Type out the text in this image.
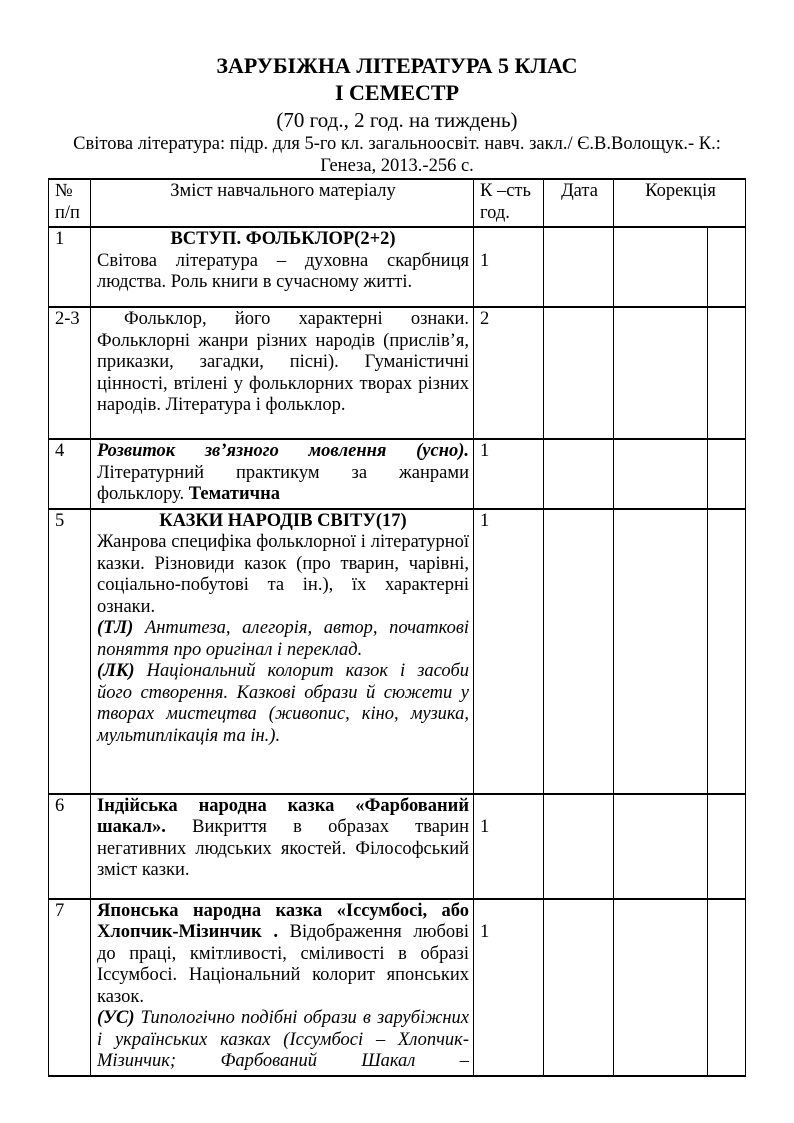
ЗАРУБІЖНА ЛІТЕРАТУРА 5 КЛАС
І СЕМЕСТР
(70 год., 2 год. на тиждень)
Світова література: підр. для 5-го кл. загальноосвіт. навч. закл./ Є.В.Волощук.- К.: Генеза, 2013.-256 с.
№
п/п
	Зміст навчального матеріалу	К –сть
год.
	Дата	Корекція
1	ВСТУП. ФОЛЬКЛОР(2+2)
Світова література – духовна скарбниця людства. Роль книги в сучасному житті.	1			

2-3	Фольклор, його характерні ознаки. Фольклорні жанри різних народів (прислів’я, приказки, загадки, пісні). Гуманістичні цінності, втілені у фольклорних творах різних народів. Література і фольклор.	2			
4	Розвиток зв’язного мовлення (усно). Літературний практикум за жанрами фольклору. Тематична	1			
5	КАЗКИ НАРОДІВ СВІТУ(17)
Жанрова специфіка фольклорної і літературної казки. Різновиди казок (про тварин, чарівні, соціально-побутові та ін.), їх характерні ознаки.
(ТЛ) Антитеза, алегорія, автор, початкові поняття про оригінал і переклад.
(ЛК) Національний колорит казок і засоби його створення. Казкові образи й сюжети у творах мистецтва (живопис, кіно, музика, мультиплікація та ін.).	1			
6	Індійська народна казка «Фарбований шакал». Викриття в образах тварин негативних людських якостей. Філософський зміст казки.	1			

7	Японська народна казка «Іссумбосі, або Хлопчик-Мізинчик . Відображення любові до праці, кмітливості, сміливості в образі Іссумбосі. Національний колорит японських казок.
(УС) Типологічно подібні образи в зарубіжних і українських казках (Іссумбосі – Хлопчик-Мізинчик; Фарбований Шакал –	1			
